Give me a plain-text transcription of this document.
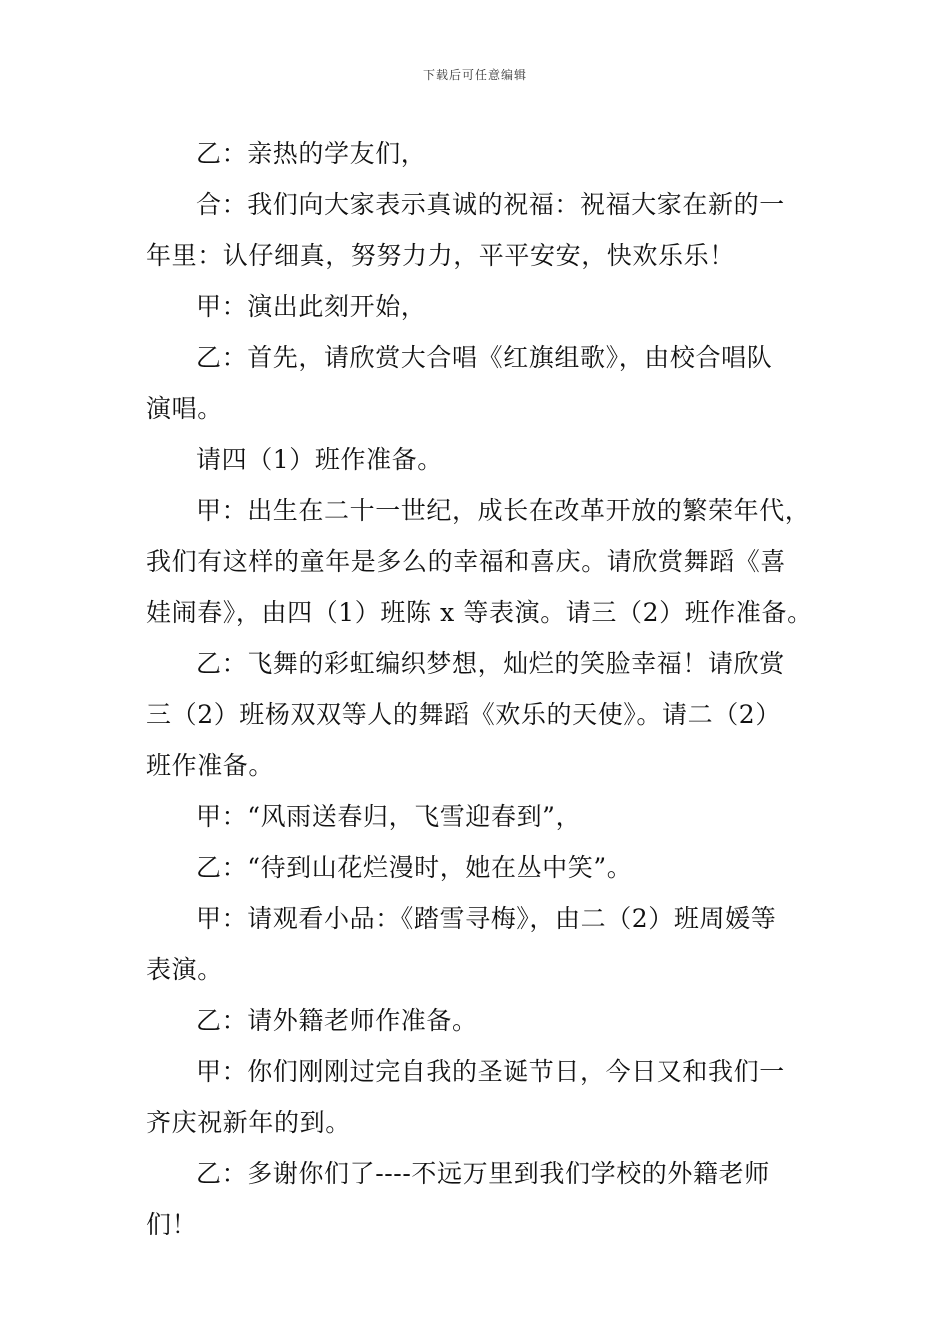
下载后可任意编辑
乙：亲热的学友们，
合：我们向大家表示真诚的祝福：祝福大家在新的一
年里：认仔细真，努努力力，平平安安，快欢乐乐！
甲：演出此刻开始，
乙：首先，请欣赏大合唱《红旗组歌》，由校合唱队
演唱。
请四（1）班作准备。
甲：出生在二十一世纪，成长在改革开放的繁荣年代，
我们有这样的童年是多么的幸福和喜庆。请欣赏舞蹈《喜
娃闹春》，由四（1）班陈 x 等表演。请三（2）班作准备。
乙：飞舞的彩虹编织梦想，灿烂的笑脸幸福！请欣赏
三（2）班杨双双等人的舞蹈《欢乐的天使》。请二（2）
班作准备。
甲：“风雨送春归，飞雪迎春到”，
乙：“待到山花烂漫时，她在丛中笑”。
甲：请观看小品：《踏雪寻梅》，由二（2）班周媛等
表演。
乙：请外籍老师作准备。
甲：你们刚刚过完自我的圣诞节日，今日又和我们一
齐庆祝新年的到。
乙：多谢你们了----不远万里到我们学校的外籍老师
们！
